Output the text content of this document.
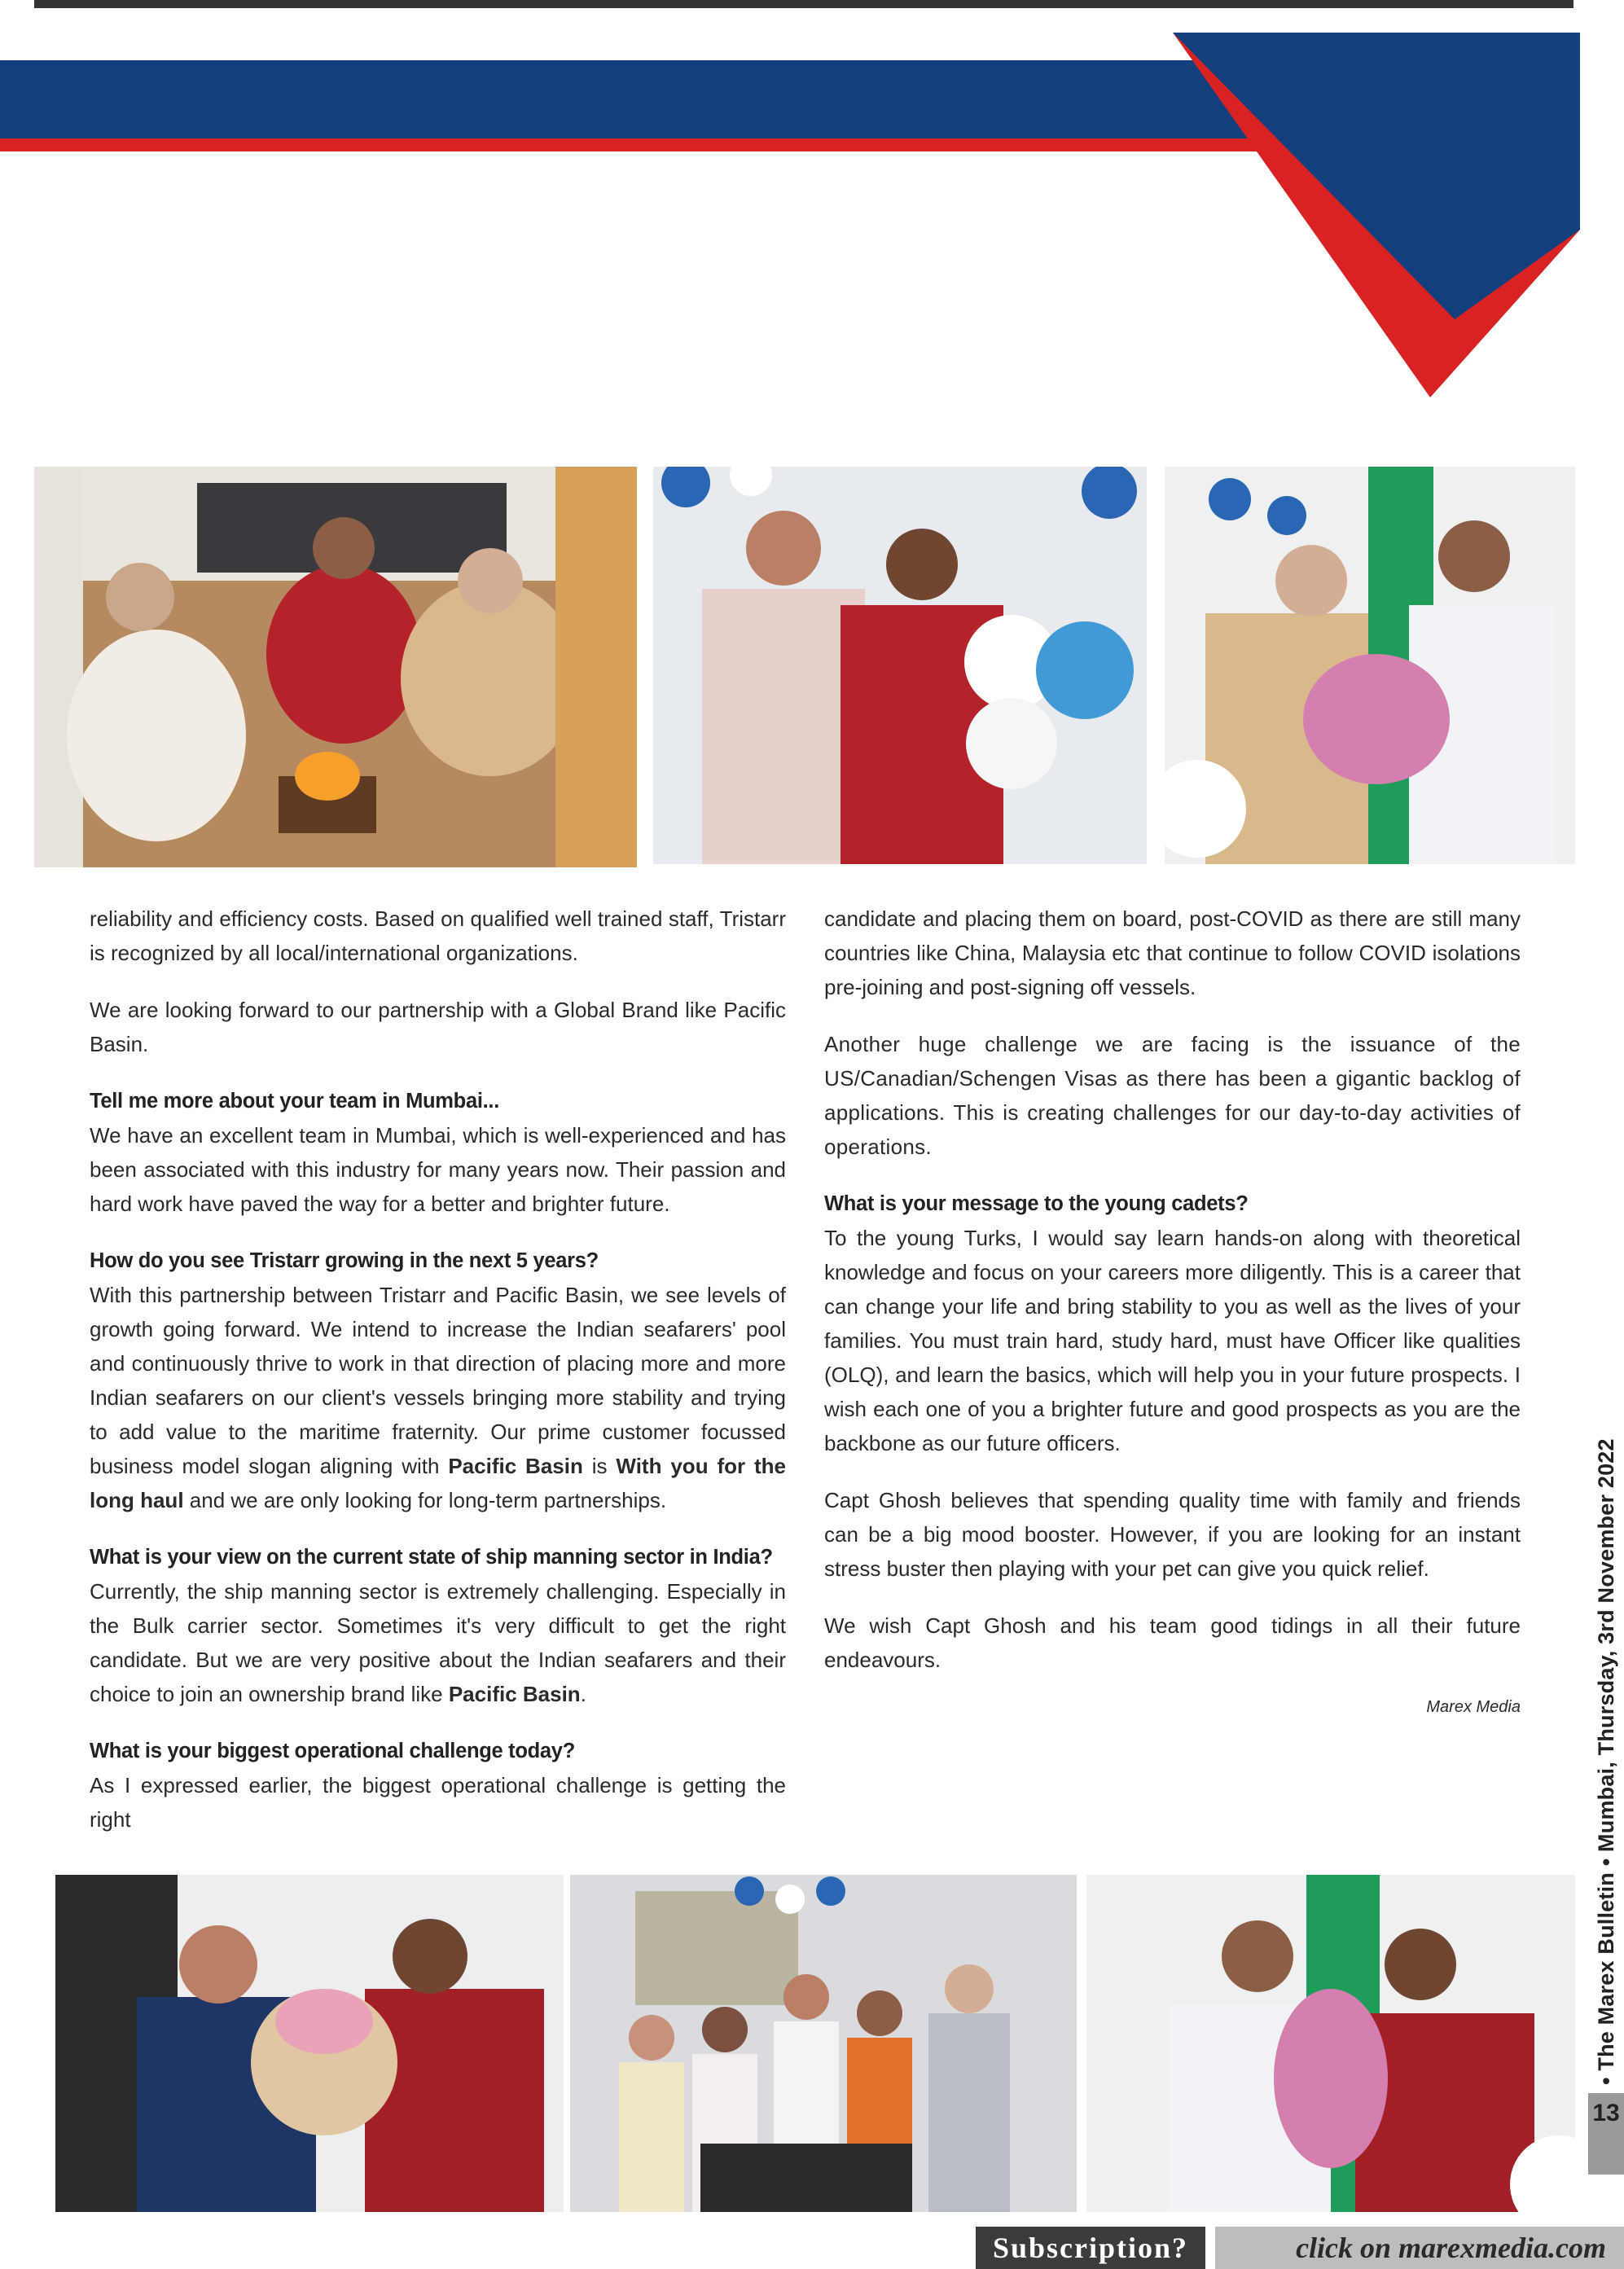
reliability and efficiency costs. Based on qualified well trained staff, Tristarr is recognized by all local/international organizations.

We are looking forward to our partnership with a Global Brand like Pacific Basin.

Tell me more about your team in Mumbai...

We have an excellent team in Mumbai, which is well-experienced and has been associated with this industry for many years now. Their passion and hard work have paved the way for a better and brighter future.

How do you see Tristarr growing in the next 5 years?

With this partnership between Tristarr and Pacific Basin, we see levels of growth going forward. We intend to increase the Indian seafarers' pool and continuously thrive to work in that direction of placing more and more Indian seafarers on our client's vessels bringing more stability and trying to add value to the maritime fraternity. Our prime customer focussed business model slogan aligning with Pacific Basin is With you for the long haul and we are only looking for long-term partnerships.

What is your view on the current state of ship manning sector in India?

Currently, the ship manning sector is extremely challenging. Especially in the Bulk carrier sector. Sometimes it's very difficult to get the right candidate. But we are very positive about the Indian seafarers and their choice to join an ownership brand like Pacific Basin.

What is your biggest operational challenge today?

As I expressed earlier, the biggest operational challenge is getting the right

candidate and placing them on board, post-COVID as there are still many countries like China, Malaysia etc that continue to follow COVID isolations pre-joining and post-signing off vessels.

Another huge challenge we are facing is the issuance of the US/Canadian/Schengen Visas as there has been a gigantic backlog of applications. This is creating challenges for our day-to-day activities of operations.

What is your message to the young cadets?

To the young Turks, I would say learn hands-on along with theoretical knowledge and focus on your careers more diligently. This is a career that can change your life and bring stability to you as well as the lives of your families. You must train hard, study hard, must have Officer like qualities (OLQ), and learn the basics, which will help you in your future prospects. I wish each one of you a brighter future and good prospects as you are the backbone as our future officers.

Capt Ghosh believes that spending quality time with family and friends can be a big mood booster. However, if you are looking for an instant stress buster then playing with your pet can give you quick relief.

We wish Capt Ghosh and his team good tidings in all their future endeavours.

Marex Media	• The Marex Bulletin • Mumbai, Thursday, 3rd November 2022
13
Subscription?	click on marexmedia.com
